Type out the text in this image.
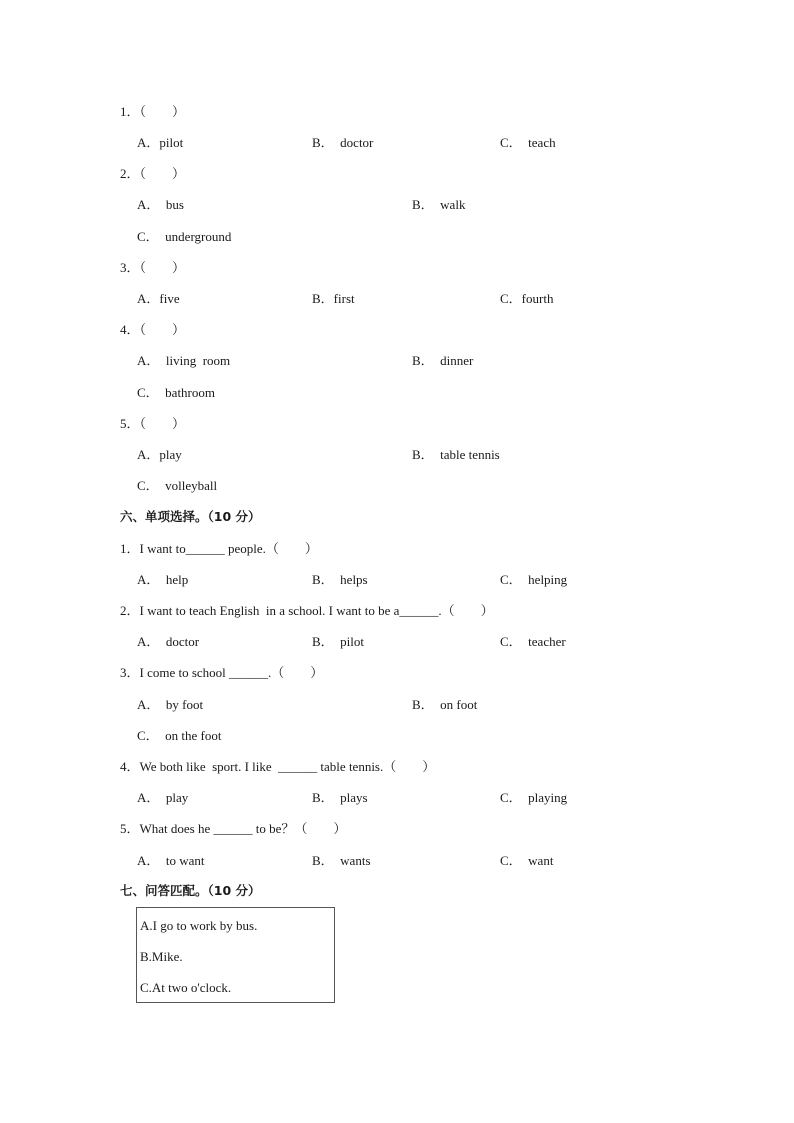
1．（　　）
A．pilot	B．  doctor	C．  teach
2．（　　）
A．  bus	B．  walk
C．  underground
3．（　　）
A．five	B．first	C．fourth
4．（　　）
A．  living  room	B．  dinner
C．  bathroom
5．（　　）
A．play	B．  table tennis
C．  volleyball
六、单项选择。（10 分）
1．I want to______ people.（　　）
A．  help	B．  helps	C．  helping
2．I want to teach English  in a school. I want to be a______.（　　）
A．  doctor	B．  pilot	C．  teacher
3．I come to school ______.（　　）
A．  by foot	B．  on foot
C．  on the foot
4．We both like  sport. I like  ______ table tennis.（　　）
A．  play	B．  plays	C．  playing
5．What does he ______ to be？（　　）
A．  to want	B．  wants	C．  want
七、问答匹配。（10 分）
A.I go to work by bus.
B.Mike.
C.At two o'clock.
